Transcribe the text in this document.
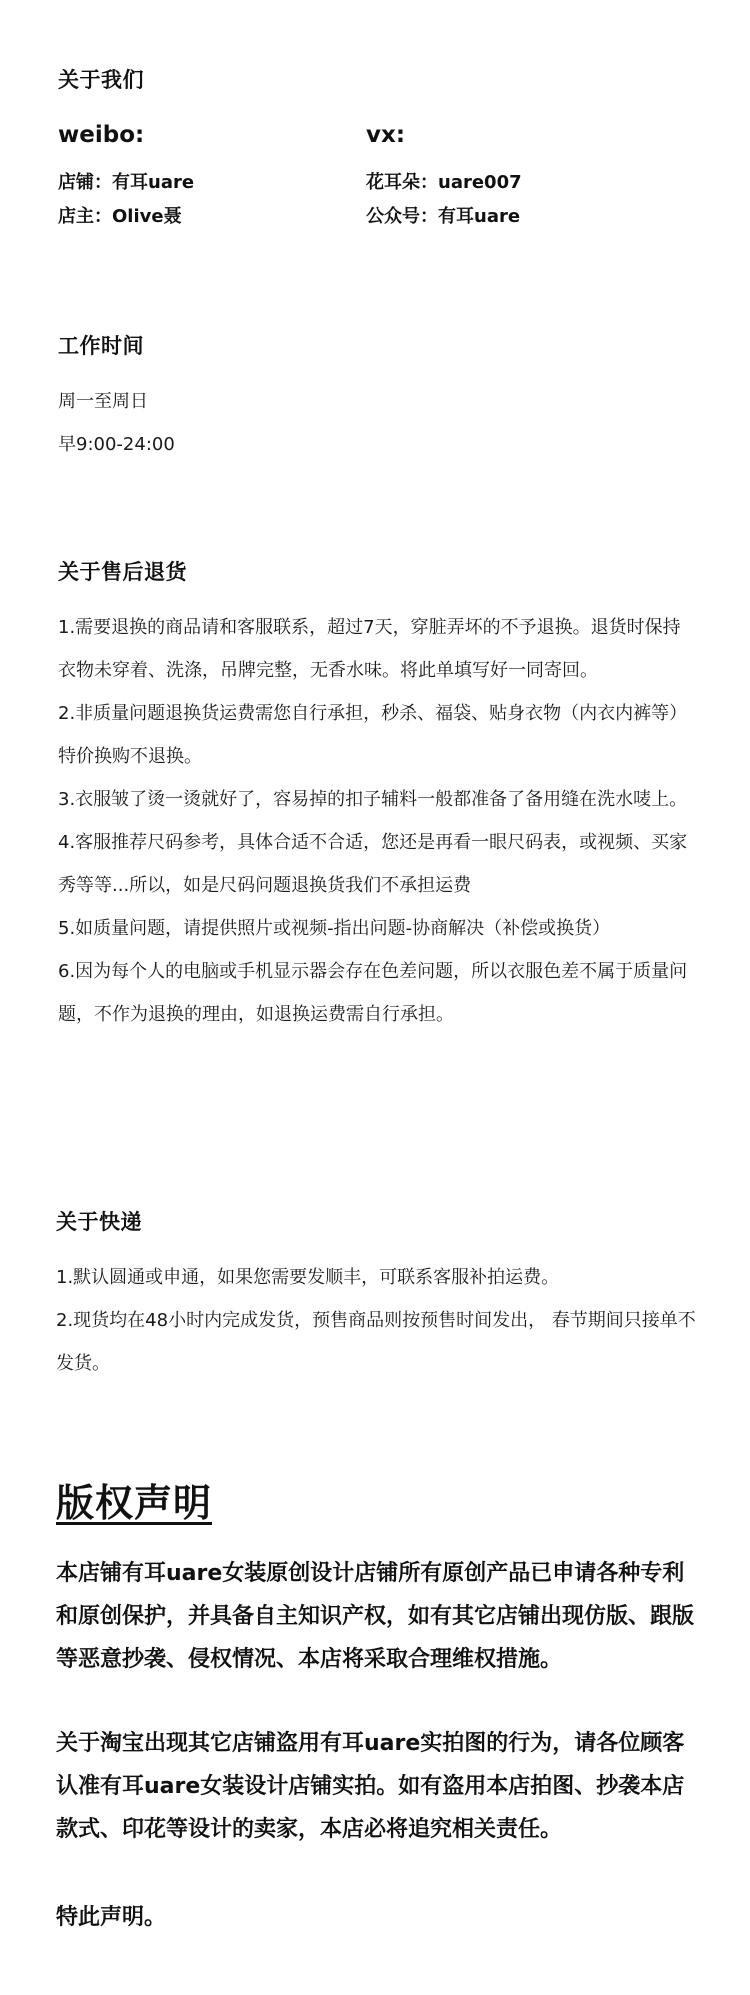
关于我们
weibo:	vx:
店铺：有耳uare	花耳朵：uare007
店主：Olive聂	公众号：有耳uare
工作时间

周一至周日

早9:00-24:00

关于售后退货

1.需要退换的商品请和客服联系，超过7天，穿脏弄坏的不予退换。退货时保持衣物未穿着、洗涤，吊牌完整，无香水味。将此单填写好一同寄回。

2.非质量问题退换货运费需您自行承担，秒杀、福袋、贴身衣物（内衣内裤等）特价换购不退换。

3.衣服皱了烫一烫就好了，容易掉的扣子辅料一般都准备了备用缝在洗水唛上。

4.客服推荐尺码参考，具体合适不合适，您还是再看一眼尺码表，或视频、买家秀等等...所以，如是尺码问题退换货我们不承担运费

5.如质量问题，请提供照片或视频-指出问题-协商解决（补偿或换货）

6.因为每个人的电脑或手机显示器会存在色差问题，所以衣服色差不属于质量问题，不作为退换的理由，如退换运费需自行承担。

关于快递

1.默认圆通或申通，如果您需要发顺丰，可联系客服补拍运费。

2.现货均在48小时内完成发货，预售商品则按预售时间发出， 春节期间只接单不发货。

版权声明

本店铺有耳uare女装原创设计店铺所有原创产品已申请各种专利和原创保护，并具备自主知识产权，如有其它店铺出现仿版、跟版等恶意抄袭、侵权情况、本店将采取合理维权措施。

关于淘宝出现其它店铺盗用有耳uare实拍图的行为，请各位顾客认准有耳uare女装设计店铺实拍。如有盗用本店拍图、抄袭本店款式、印花等设计的卖家，本店必将追究相关责任。

特此声明。
